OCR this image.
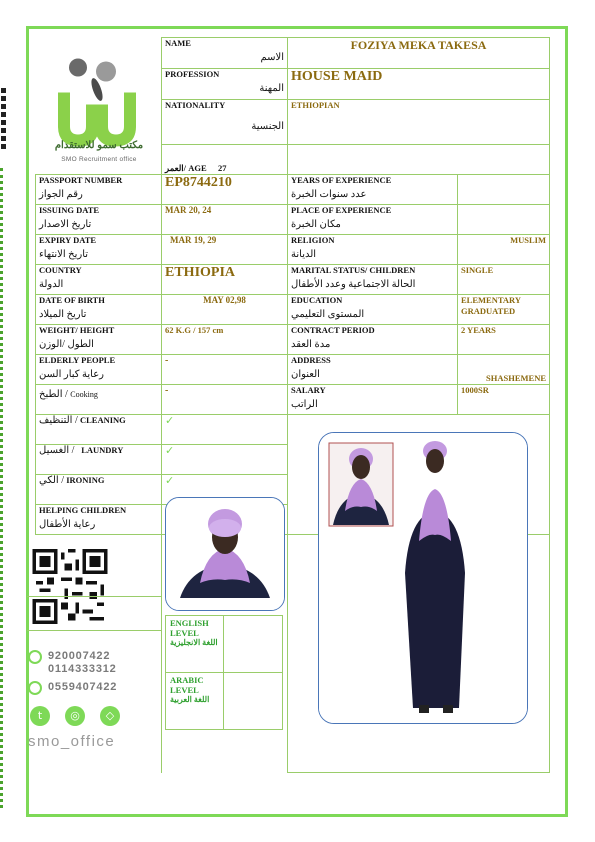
	NAME
الاسم	FOZIYA MEKA TAKESA	
	PROFESSION
المهنة	HOUSE MAID	
	NATIONALITY
الجنسية	ETHIOPIAN	
	العمر/ AGE 27		
PASSPORT NUMBER
رقم الجواز	EP8744210	YEARS OF EXPERIENCE
عدد سنوات الخبرة	

ISSUING DATE
تاريخ الاصدار	MAR 20, 24	PLACE OF EXPERIENCE
مكان الخبرة	

EXPIRY DATE
تاريخ الانتهاء	MAR 19, 29	RELIGION
الديانة	MUSLIM
COUNTRY
الدولة	ETHIOPIA	MARITAL STATUS/ CHILDREN
الحالة الاجتماعية وعدد الأطفال	SINGLE
DATE OF BIRTH
تاريخ الميلاد	MAY 02,98	EDUCATION
المستوى التعليمي	ELEMENTARY GRADUATED
WEIGHT/ HEIGHT
الطول /الوزن	62 K.G / 157 cm	CONTRACT PERIOD
مدة العقد	2 YEARS
ELDERLY PEOPLE
رعاية كبار السن	-	ADDRESS
العنوان	SHASHEMENE

الطبخ / Cooking	-	SALARY
الراتب	1000SR
التنظيف / CLEANING	✓		
الغسيل / LAUNDRY	✓		
الكي / IRONING	✓		
HELPING CHILDREN
رعاية الأطفال

مكتب سمو للاستقدام
SMO Recruitment office
ENGLISH LEVEL
اللغة الانجليزية	

ARABIC LEVEL
اللغة العربية	

920007422
0114333312
0559407422
t	◎	◇
smo_office
